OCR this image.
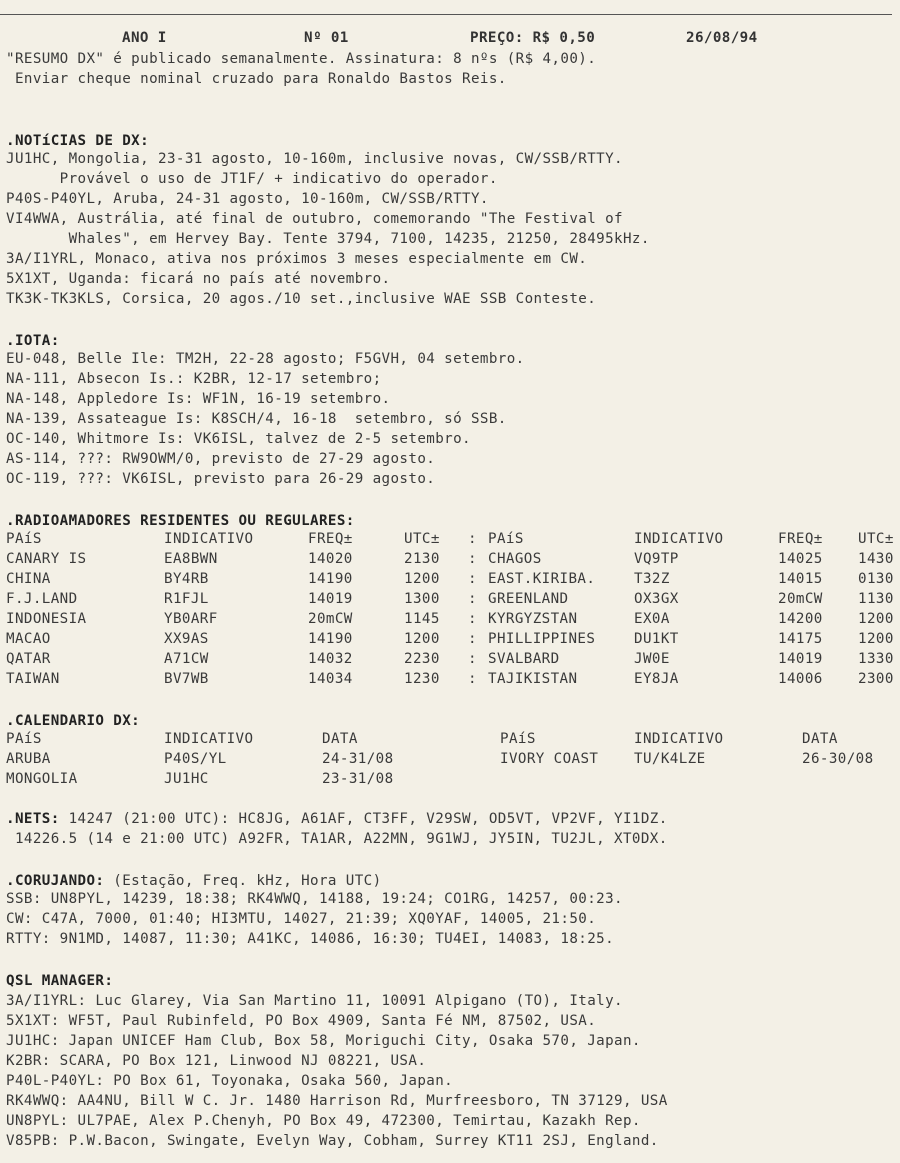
ANO I	Nº 01	PREÇO: R$ 0,50	26/08/94
"RESUMO DX" é publicado semanalmente. Assinatura: 8 nºs (R$ 4,00).
Enviar cheque nominal cruzado para Ronaldo Bastos Reis.
.NOTíCIAS DE DX:
JU1HC, Mongolia, 23-31 agosto, 10-160m, inclusive novas, CW/SSB/RTTY.
Provável o uso de JT1F/ + indicativo do operador.
P40S-P40YL, Aruba, 24-31 agosto, 10-160m, CW/SSB/RTTY.
VI4WWA, Austrália, até final de outubro, comemorando "The Festival of
Whales", em Hervey Bay. Tente 3794, 7100, 14235, 21250, 28495kHz.
3A/I1YRL, Monaco, ativa nos próximos 3 meses especialmente em CW.
5X1XT, Uganda: ficará no país até novembro.
TK3K-TK3KLS, Corsica, 20 agos./10 set.,inclusive WAE SSB Conteste.
.IOTA:
EU-048, Belle Ile: TM2H, 22-28 agosto; F5GVH, 04 setembro.
NA-111, Absecon Is.: K2BR, 12-17 setembro;
NA-148, Appledore Is: WF1N, 16-19 setembro.
NA-139, Assateague Is: K8SCH/4, 16-18  setembro, só SSB.
OC-140, Whitmore Is: VK6ISL, talvez de 2-5 setembro.
AS-114, ???: RW9OWM/0, previsto de 27-29 agosto.
OC-119, ???: VK6ISL, previsto para 26-29 agosto.
.RADIOAMADORES RESIDENTES OU REGULARES:
.CALENDARIO DX:
.NETS: 14247 (21:00 UTC): HC8JG, A61AF, CT3FF, V29SW, OD5VT, VP2VF, YI1DZ.
14226.5 (14 e 21:00 UTC) A92FR, TA1AR, A22MN, 9G1WJ, JY5IN, TU2JL, XT0DX.
.CORUJANDO: (Estação, Freq. kHz, Hora UTC)
SSB: UN8PYL, 14239, 18:38; RK4WWQ, 14188, 19:24; CO1RG, 14257, 00:23.
CW: C47A, 7000, 01:40; HI3MTU, 14027, 21:39; XQ0YAF, 14005, 21:50.
RTTY: 9N1MD, 14087, 11:30; A41KC, 14086, 16:30; TU4EI, 14083, 18:25.
QSL MANAGER:
3A/I1YRL: Luc Glarey, Via San Martino 11, 10091 Alpigano (TO), Italy.
5X1XT: WF5T, Paul Rubinfeld, PO Box 4909, Santa Fé NM, 87502, USA.
JU1HC: Japan UNICEF Ham Club, Box 58, Moriguchi City, Osaka 570, Japan.
K2BR: SCARA, PO Box 121, Linwood NJ 08221, USA.
P40L-P40YL: PO Box 61, Toyonaka, Osaka 560, Japan.
RK4WWQ: AA4NU, Bill W C. Jr. 1480 Harrison Rd, Murfreesboro, TN 37129, USA
UN8PYL: UL7PAE, Alex P.Chenyh, PO Box 49, 472300, Temirtau, Kazakh Rep.
V85PB: P.W.Bacon, Swingate, Evelyn Way, Cobham, Surrey KT11 2SJ, England.
PAíS	INDICATIVO	FREQ±	UTC± : PAíS	INDICATIVO	FREQ± UTC±
CANARY IS	EA8BWN	14020	2130 : CHAGOS	VQ9TP	14025 1430
CHINA	BY4RB	14190	1200 : EAST.KIRIBA.	T32Z	14015 0130
F.J.LAND	R1FJL	14019	1300 : GREENLAND	OX3GX	20mCW 1130
INDONESIA	YB0ARF	20mCW	1145 : KYRGYZSTAN	EX0A	14200 1200
MACAO	XX9AS	14190	1200 : PHILLIPPINES	DU1KT	14175 1200
QATAR	A71CW	14032	2230 : SVALBARD	JW0E	14019 1330
TAIWAN	BV7WB	14034	1230 : TAJIKISTAN	EY8JA	14006 2300
PAíS	INDICATIVO	DATA	PAíS	INDICATIVO	DATA
ARUBA	P40S/YL	24-31/08	IVORY COAST	TU/K4LZE	26-30/08
MONGOLIA	JU1HC	23-31/08
